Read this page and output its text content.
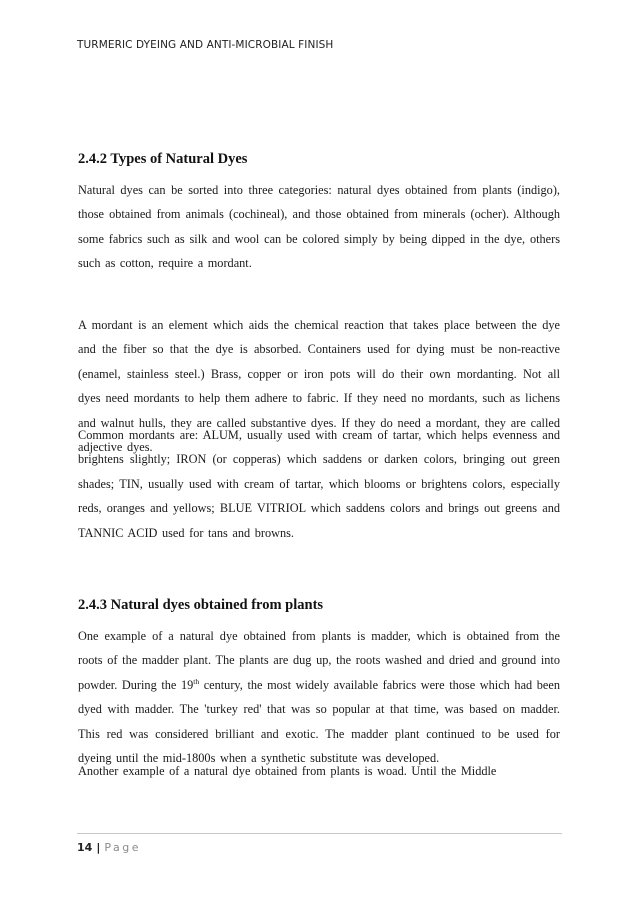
TURMERIC DYEING AND ANTI-MICROBIAL FINISH
2.4.2 Types of Natural Dyes

Natural dyes can be sorted into three categories: natural dyes obtained from plants (indigo), those obtained from animals (cochineal), and those obtained from minerals (ocher). Although some fabrics such as silk and wool can be colored simply by being dipped in the dye, others such as cotton, require a mordant.

A mordant is an element which aids the chemical reaction that takes place between the dye and the fiber so that the dye is absorbed. Containers used for dying must be non-reactive (enamel, stainless steel.) Brass, copper or iron pots will do their own mordanting. Not all dyes need mordants to help them adhere to fabric. If they need no mordants, such as lichens and walnut hulls, they are called substantive dyes. If they do need a mordant, they are called adjective dyes.

Common mordants are: ALUM, usually used with cream of tartar, which helps evenness and brightens slightly; IRON (or copperas) which saddens or darken colors, bringing out green shades; TIN, usually used with cream of tartar, which blooms or brightens colors, especially reds, oranges and yellows; BLUE VITRIOL which saddens colors and brings out greens and TANNIC ACID used for tans and browns.

2.4.3 Natural dyes obtained from plants

One example of a natural dye obtained from plants is madder, which is obtained from the roots of the madder plant. The plants are dug up, the roots washed and dried and ground into powder. During the 19th century, the most widely available fabrics were those which had been dyed with madder. The 'turkey red' that was so popular at that time, was based on madder. This red was considered brilliant and exotic. The madder plant continued to be used for dyeing until the mid-1800s when a synthetic substitute was developed.

Another example of a natural dye obtained from plants is woad. Until the Middle

14 | Page
